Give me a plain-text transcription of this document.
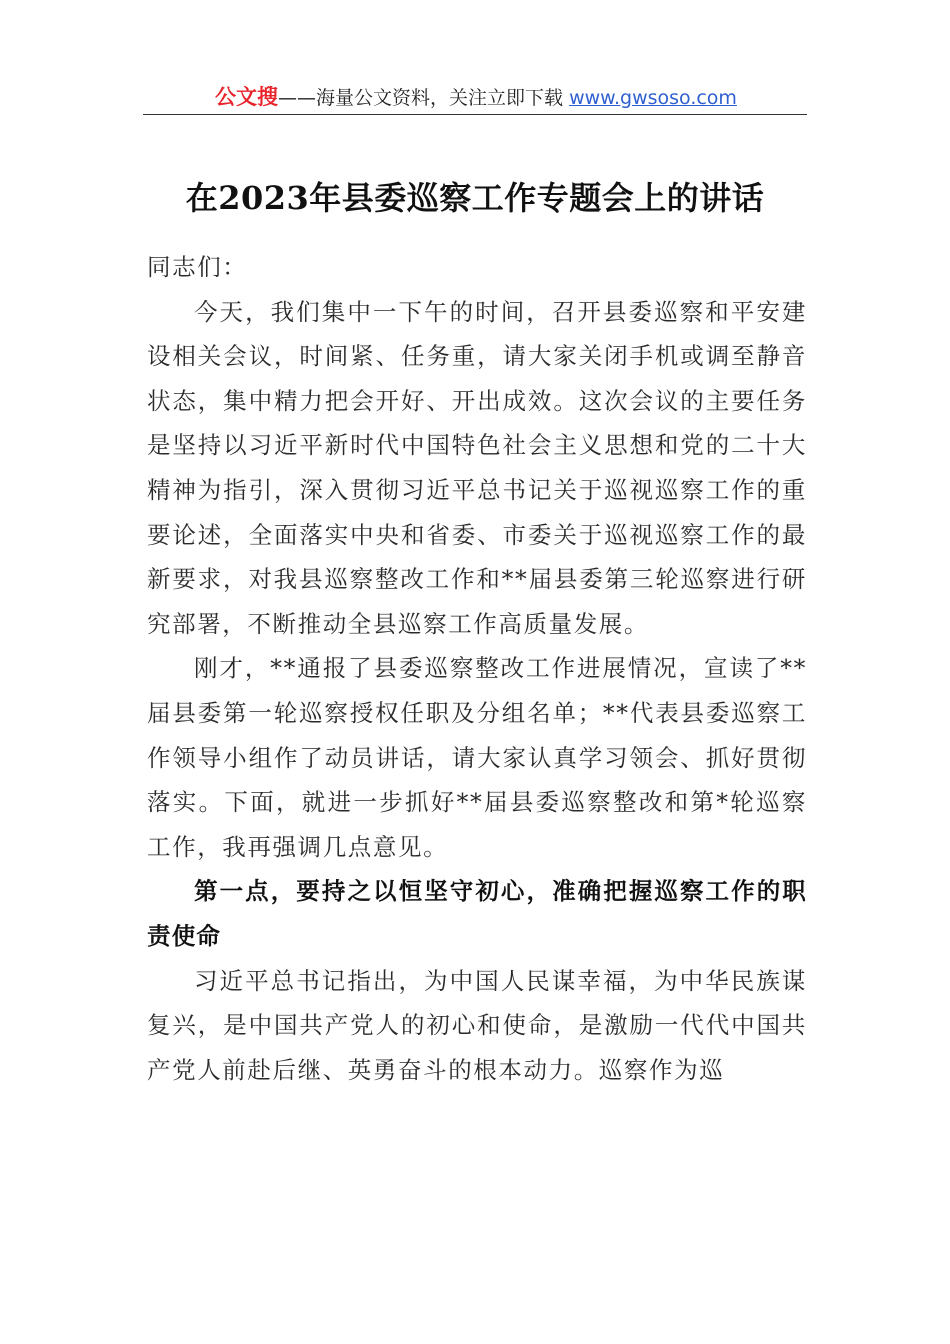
公文搜——海量公文资料，关注立即下载 www.gwsoso.com
在2023年县委巡察工作专题会上的讲话

同志们：

今天，我们集中一下午的时间，召开县委巡察和平安建设相关会议，时间紧、任务重，请大家关闭手机或调至静音状态，集中精力把会开好、开出成效。这次会议的主要任务是坚持以习近平新时代中国特色社会主义思想和党的二十大精神为指引，深入贯彻习近平总书记关于巡视巡察工作的重要论述，全面落实中央和省委、市委关于巡视巡察工作的最新要求，对我县巡察整改工作和**届县委第三轮巡察进行研究部署，不断推动全县巡察工作高质量发展。

刚才，**通报了县委巡察整改工作进展情况，宣读了**届县委第一轮巡察授权任职及分组名单；**代表县委巡察工作领导小组作了动员讲话，请大家认真学习领会、抓好贯彻落实。下面，就进一步抓好**届县委巡察整改和第*轮巡察工作，我再强调几点意见。

第一点，要持之以恒坚守初心，准确把握巡察工作的职责使命

习近平总书记指出，为中国人民谋幸福，为中华民族谋复兴，是中国共产党人的初心和使命，是激励一代代中国共产党人前赴后继、英勇奋斗的根本动力。巡察作为巡
